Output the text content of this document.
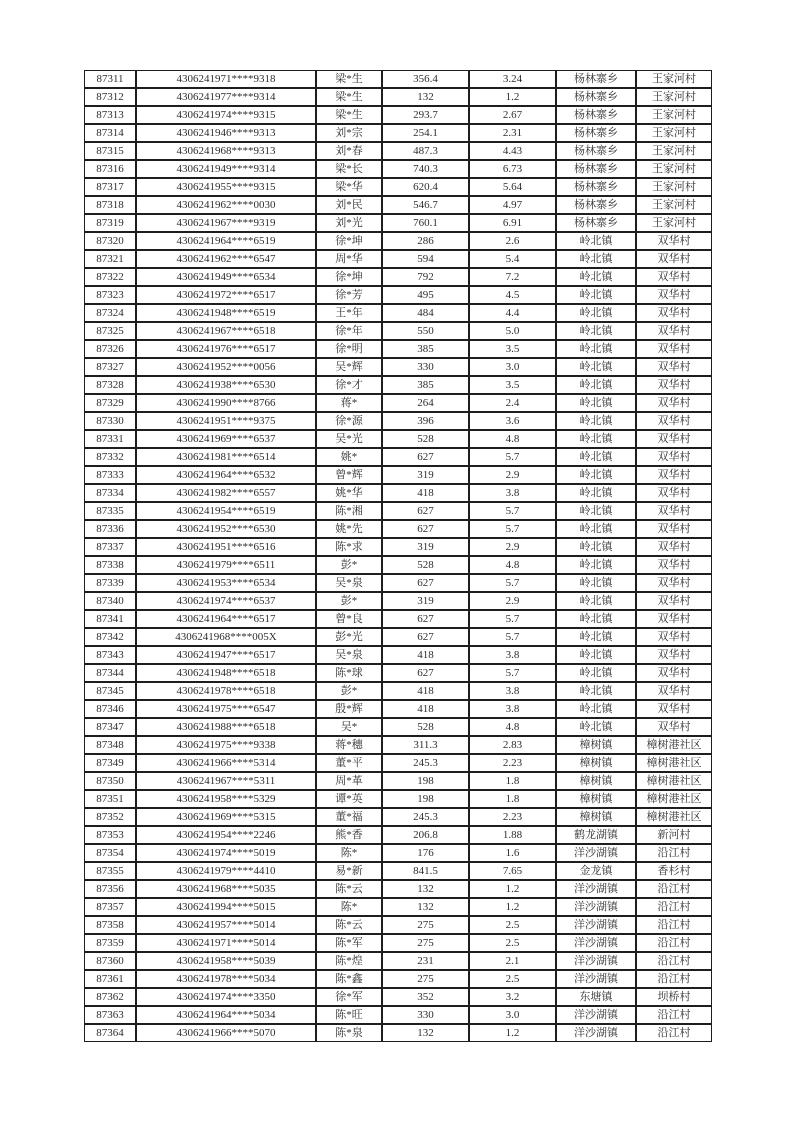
87311	4306241971****9318	梁*生	356.4	3.24	杨林寨乡	王家河村
87312	4306241977****9314	梁*生	132	1.2	杨林寨乡	王家河村
87313	4306241974****9315	梁*生	293.7	2.67	杨林寨乡	王家河村
87314	4306241946****9313	刘*宗	254.1	2.31	杨林寨乡	王家河村
87315	4306241968****9313	刘*春	487.3	4.43	杨林寨乡	王家河村
87316	4306241949****9314	梁*长	740.3	6.73	杨林寨乡	王家河村
87317	4306241955****9315	梁*华	620.4	5.64	杨林寨乡	王家河村
87318	4306241962****0030	刘*民	546.7	4.97	杨林寨乡	王家河村
87319	4306241967****9319	刘*光	760.1	6.91	杨林寨乡	王家河村
87320	4306241964****6519	徐*坤	286	2.6	岭北镇	双华村
87321	4306241962****6547	周*华	594	5.4	岭北镇	双华村
87322	4306241949****6534	徐*坤	792	7.2	岭北镇	双华村
87323	4306241972****6517	徐*芳	495	4.5	岭北镇	双华村
87324	4306241948****6519	王*年	484	4.4	岭北镇	双华村
87325	4306241967****6518	徐*年	550	5.0	岭北镇	双华村
87326	4306241976****6517	徐*明	385	3.5	岭北镇	双华村
87327	4306241952****0056	吴*辉	330	3.0	岭北镇	双华村
87328	4306241938****6530	徐*才	385	3.5	岭北镇	双华村
87329	4306241990****8766	蒋*	264	2.4	岭北镇	双华村
87330	4306241951****9375	徐*源	396	3.6	岭北镇	双华村
87331	4306241969****6537	吴*光	528	4.8	岭北镇	双华村
87332	4306241981****6514	姚*	627	5.7	岭北镇	双华村
87333	4306241964****6532	曾*辉	319	2.9	岭北镇	双华村
87334	4306241982****6557	姚*华	418	3.8	岭北镇	双华村
87335	4306241954****6519	陈*湘	627	5.7	岭北镇	双华村
87336	4306241952****6530	姚*先	627	5.7	岭北镇	双华村
87337	4306241951****6516	陈*求	319	2.9	岭北镇	双华村
87338	4306241979****6511	彭*	528	4.8	岭北镇	双华村
87339	4306241953****6534	吴*泉	627	5.7	岭北镇	双华村
87340	4306241974****6537	彭*	319	2.9	岭北镇	双华村
87341	4306241964****6517	曾*良	627	5.7	岭北镇	双华村
87342	4306241968****005X	彭*光	627	5.7	岭北镇	双华村
87343	4306241947****6517	吴*泉	418	3.8	岭北镇	双华村
87344	4306241948****6518	陈*球	627	5.7	岭北镇	双华村
87345	4306241978****6518	彭*	418	3.8	岭北镇	双华村
87346	4306241975****6547	殷*辉	418	3.8	岭北镇	双华村
87347	4306241988****6518	吴*	528	4.8	岭北镇	双华村
87348	4306241975****9338	蒋*穗	311.3	2.83	樟树镇	樟树港社区
87349	4306241966****5314	董*平	245.3	2.23	樟树镇	樟树港社区
87350	4306241967****5311	周*革	198	1.8	樟树镇	樟树港社区
87351	4306241958****5329	谭*英	198	1.8	樟树镇	樟树港社区
87352	4306241969****5315	董*福	245.3	2.23	樟树镇	樟树港社区
87353	4306241954****2246	熊*香	206.8	1.88	鹤龙湖镇	新河村
87354	4306241974****5019	陈*	176	1.6	洋沙湖镇	沿江村
87355	4306241979****4410	易*新	841.5	7.65	金龙镇	香杉村
87356	4306241968****5035	陈*云	132	1.2	洋沙湖镇	沿江村
87357	4306241994****5015	陈*	132	1.2	洋沙湖镇	沿江村
87358	4306241957****5014	陈*云	275	2.5	洋沙湖镇	沿江村
87359	4306241971****5014	陈*军	275	2.5	洋沙湖镇	沿江村
87360	4306241958****5039	陈*煌	231	2.1	洋沙湖镇	沿江村
87361	4306241978****5034	陈*鑫	275	2.5	洋沙湖镇	沿江村
87362	4306241974****3350	徐*军	352	3.2	东塘镇	坝桥村
87363	4306241964****5034	陈*旺	330	3.0	洋沙湖镇	沿江村
87364	4306241966****5070	陈*泉	132	1.2	洋沙湖镇	沿江村
